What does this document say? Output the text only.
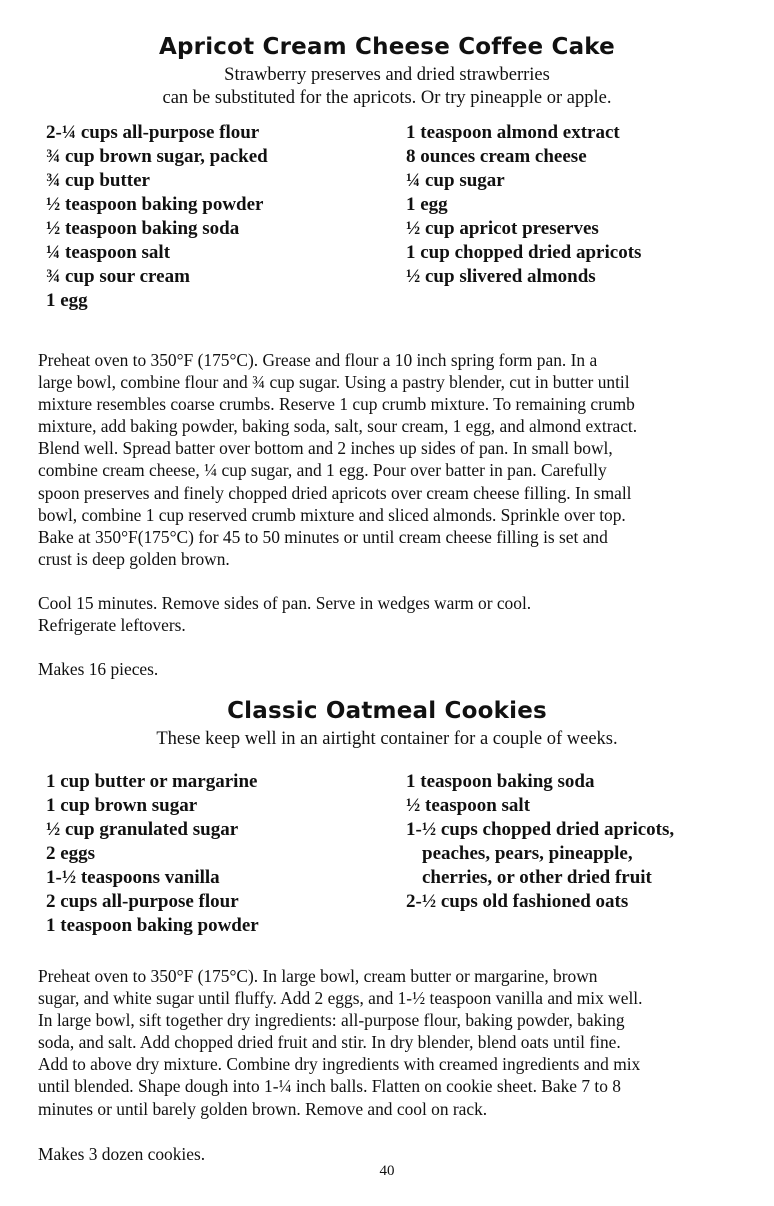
Apricot Cream Cheese Coffee Cake

Strawberry preserves and dried strawberries
can be substituted for the apricots. Or try pineapple or apple.

2-¼ cups all-purpose flour
¾ cup brown sugar, packed
¾ cup butter
½ teaspoon baking powder
½ teaspoon baking soda
¼ teaspoon salt
¾ cup sour cream
1 egg
1 teaspoon almond extract
8 ounces cream cheese
¼ cup sugar
1 egg
½ cup apricot preserves
1 cup chopped dried apricots
½ cup slivered almonds
Preheat oven to 350°F (175°C). Grease and flour a 10 inch spring form pan. In a
large bowl, combine flour and ¾ cup sugar. Using a pastry blender, cut in butter until
mixture resembles coarse crumbs. Reserve 1 cup crumb mixture. To remaining crumb
mixture, add baking powder, baking soda, salt, sour cream, 1 egg, and almond extract.
Blend well. Spread batter over bottom and 2 inches up sides of pan. In small bowl,
combine cream cheese, ¼ cup sugar, and 1 egg. Pour over batter in pan. Carefully
spoon preserves and finely chopped dried apricots over cream cheese filling. In small
bowl, combine 1 cup reserved crumb mixture and sliced almonds. Sprinkle over top.
Bake at 350°F(175°C) for 45 to 50 minutes or until cream cheese filling is set and
crust is deep golden brown.
Cool 15 minutes. Remove sides of pan. Serve in wedges warm or cool.
Refrigerate leftovers.
Makes 16 pieces.
Classic Oatmeal Cookies

These keep well in an airtight container for a couple of weeks.

1 cup butter or margarine
1 cup brown sugar
½ cup granulated sugar
2 eggs
1-½ teaspoons vanilla
2 cups all-purpose flour
1 teaspoon baking powder
1 teaspoon baking soda
½ teaspoon salt
1-½ cups chopped dried apricots,
peaches, pears, pineapple,
cherries, or other dried fruit
2-½ cups old fashioned oats
Preheat oven to 350°F (175°C). In large bowl, cream butter or margarine, brown
sugar, and white sugar until fluffy. Add 2 eggs, and 1-½ teaspoon vanilla and mix well.
In large bowl, sift together dry ingredients: all-purpose flour, baking powder, baking
soda, and salt. Add chopped dried fruit and stir. In dry blender, blend oats until fine.
Add to above dry mixture. Combine dry ingredients with creamed ingredients and mix
until blended. Shape dough into 1-¼ inch balls. Flatten on cookie sheet. Bake 7 to 8
minutes or until barely golden brown. Remove and cool on rack.
Makes 3 dozen cookies.
40
